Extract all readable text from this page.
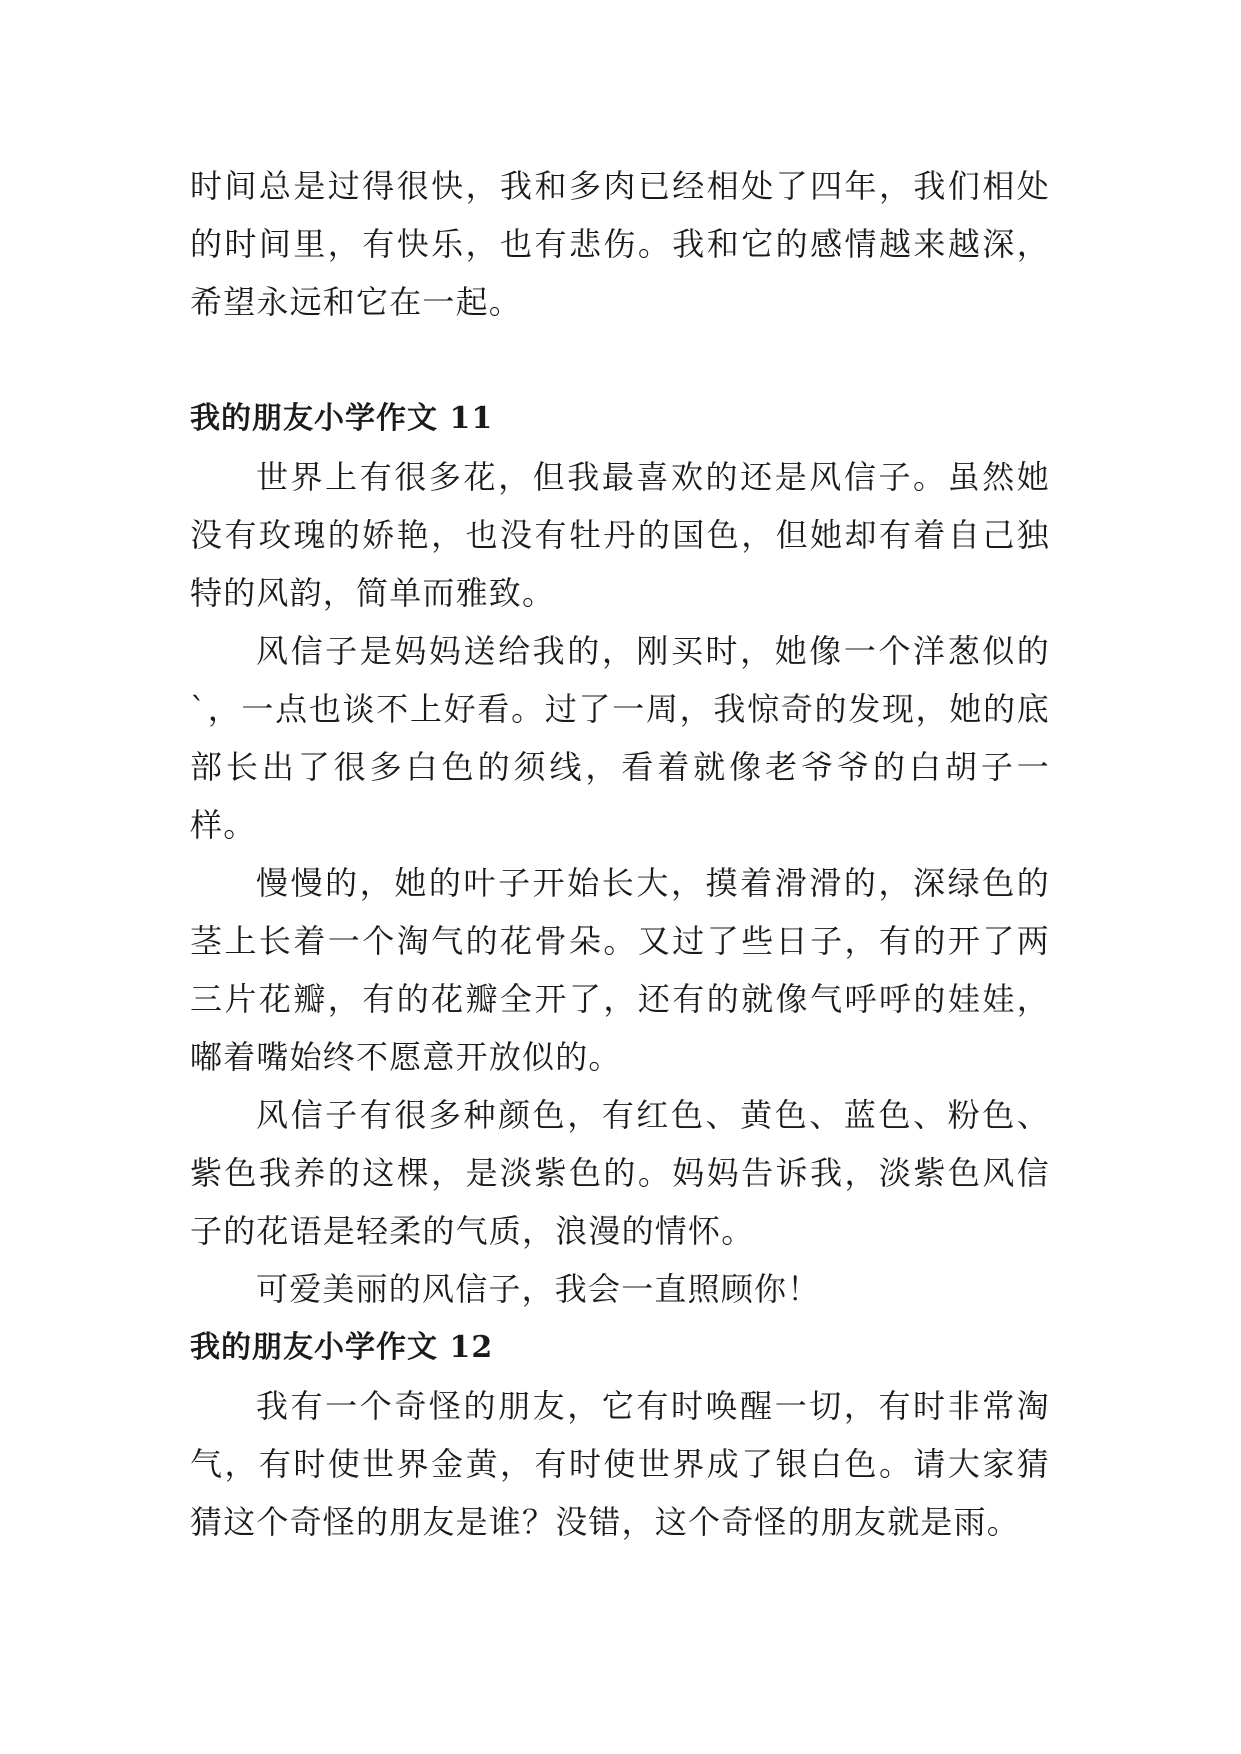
时间总是过得很快，我和多肉已经相处了四年，我们相处的时间里，有快乐，也有悲伤。我和它的感情越来越深，希望永远和它在一起。

我的朋友小学作文 11

世界上有很多花，但我最喜欢的还是风信子。虽然她没有玫瑰的娇艳，也没有牡丹的国色，但她却有着自己独特的风韵，简单而雅致。

风信子是妈妈送给我的，刚买时，她像一个洋葱似的`，一点也谈不上好看。过了一周，我惊奇的发现，她的底部长出了很多白色的须线，看着就像老爷爷的白胡子一样。

慢慢的，她的叶子开始长大，摸着滑滑的，深绿色的茎上长着一个淘气的花骨朵。又过了些日子，有的开了两三片花瓣，有的花瓣全开了，还有的就像气呼呼的娃娃，嘟着嘴始终不愿意开放似的。

风信子有很多种颜色，有红色、黄色、蓝色、粉色、紫色我养的这棵，是淡紫色的。妈妈告诉我，淡紫色风信子的花语是轻柔的气质，浪漫的情怀。

可爱美丽的风信子，我会一直照顾你！

我的朋友小学作文 12

我有一个奇怪的朋友，它有时唤醒一切，有时非常淘气，有时使世界金黄，有时使世界成了银白色。请大家猜猜这个奇怪的朋友是谁？没错，这个奇怪的朋友就是雨。
